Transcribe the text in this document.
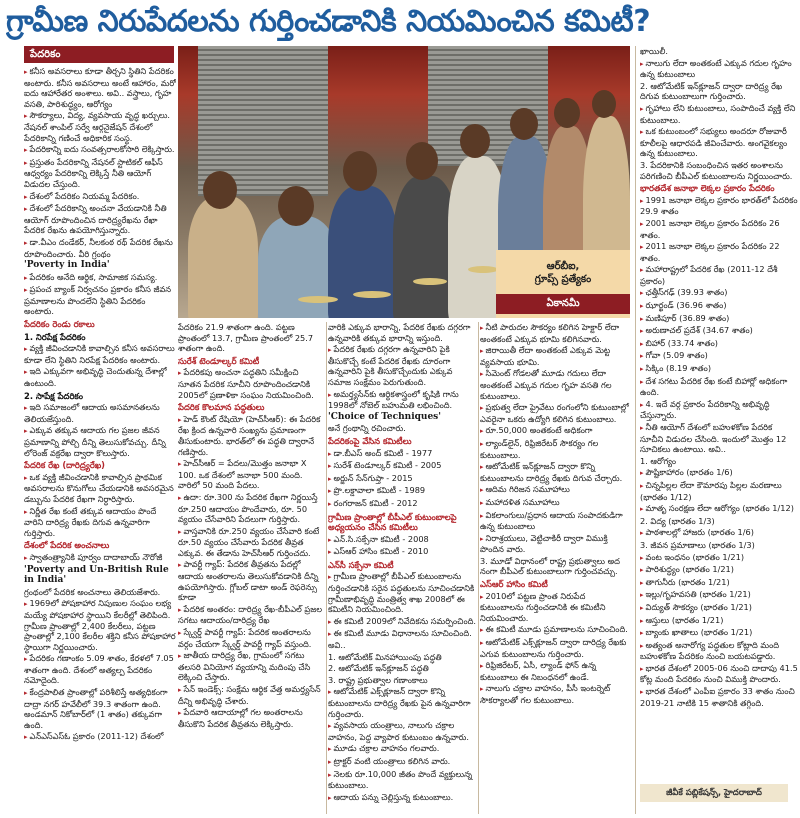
గ్రామీణ నిరుపేదలను గుర్తించడానికి నియమించిన కమిటీ?
పేదరికం

▸ కనీస అవసరాలు కూడా తీర్చని స్థితిని పేదరికం అంటారు. కనీస అవసరాలు అంటే ఆహారం, మరో ఐదు ఆహారేతర అంశాలు. అవి.. వస్త్రాలు, గృహ వసతి, పారిశుద్ధ్యం, ఆరోగ్యం

▸ సౌకర్యాలు, విద్య, వ్యవసాయ వృద్ధ ఖర్చులు. నేషనల్ శాంపిల్ సర్వే ఆర్గనైజేషన్ దేశంలో పేదరికాన్ని గణించే అధికారిక సంస్థ.

▸ పేదరికాన్ని ఐదు సంవత్సరాలకోసారి లెక్కిస్తారు.

▸ ప్రస్తుతం పేదరికాన్ని నేషనల్ స్టాటికల్ ఆఫీస్ ఆధ్వర్యం పేదరికాన్ని లెక్కిస్తే నీతి ఆయోగ్ విడుదల చేస్తుంది.

▸ దేశంలో పేదరికం నియమ్మ పేదరికం.

▸ దేశంలో పేదరికాన్ని అంచనా వేయడానికి నీతి ఆయోగ్ రూపొందించిన దారిద్ర్యరేఖను రేఖా పేదరిక రేఖను ఉపయోగిస్తున్నారు.

▸ డా.వీఎం దండేకర్, నీలకంఠ రథ్ పేదరిక రేఖను రూపొందించారు. వీరి గ్రంథం

'Poverty in India'

▸ పేదరికం అనేది ఆర్థిక, సామాజిక సమస్య.

▸ ప్రపంచ బ్యాంక్ నిర్వచనం ప్రకారం కనీస జీవన ప్రమాణాలను పొందలేని స్థితిని పేదరికం అంటారు.

పేదరికం రెండు రకాలు

1. నిరపేక్ష పేదరికం

▸ వ్యక్తి జీవించడానికి కావాల్సిన కనీస అవసరాలు కూడా లేని స్థితిని నిరపేక్ష పేదరికం అంటారు.

▸ ఇది ఎక్కువగా అభివృద్ధి చెందుతున్న దేశాల్లో ఉంటుంది.

2. సాపేక్ష పేదరికం

▸ ఇది సమాజంలో ఆదాయ అసమానతలను తెలియజేస్తుంది.

▸ ఎక్కువ తక్కువ ఆదాయ గల ప్రజల జీవన ప్రమాణాన్ని పోల్చి దీన్ని తెలుసుకోవచ్చు. దీన్ని లోరెంజ్ వక్రరేఖ ద్వారా కొలుస్తారు.

పేదరిక రేఖ (దారిద్ర్యరేఖ)

▸ ఒక వ్యక్తి జీవించడానికి కావాల్సిన ప్రాథమిక అవసరాలను కొనుగోలు చేయడానికి అవసరమైన డబ్బును పేదరిక రేఖగా నిర్ధారిస్తారు.

▸ నిర్ణీత రేఖ కంటే తక్కువ ఆదాయం పొందే వారిని దారిద్ర్య రేఖకు దిగువ ఉన్నవారిగా గుర్తిస్తారు.

దేశంలో పేదరిక అంచనాలు

▸ స్వాతంత్ర్యానికి పూర్వం దాదాబాయ్ నౌరోజీ

'Poverty and Un-British Rule in India'

గ్రంథంలో పేదరిక అంచనాలు తెలియజేశారు.

▸ 1969లో పోషకాహార నిపుణుల సంఘం లభ్య మయ్యే పోషకాహార స్థాయిని కేలరీల్లో తెలిపింది. గ్రామీణ ప్రాంతాల్లో 2,400 కేలరీలు, పట్టణ ప్రాంతాల్లో 2,100 కేలరీల శక్తిని కనీస పోషకాహార స్థాయిగా నిర్ణయించారు.

▸ పేదరికం గణాంకం 5.09 శాతం, కేరళలో 7.05 శాతంగా ఉంది. దేశంలో అత్యల్ప పేదరికం నమోదైంది.

▸ కేంద్రపాలిత ప్రాంతాల్లో పరిశీలిస్తే అత్యధికంగా దాద్రా నగర్ హవేలీలో 39.3 శాతంగా ఉంది. అండమాన్ నికోబార్‌లో (1 శాతం) తక్కువగా ఉంది.

▸ ఎన్ఎస్ఎస్ఓ ప్రకారం (2011-12) దేశంలో

ఆర్‌బీఐ,
గ్రూప్స్ ప్రత్యేకం
ఏకానమీ

పేదరికం 21.9 శాతంగా ఉంది. పట్టణ ప్రాంతంలో 13.7, గ్రామీణ ప్రాంతంలో 25.7 శాతంగా ఉంది.

సురేశ్ టెండూల్కర్ కమిటీ

▸ పేదరికపు అంచనా పద్ధతిని సమీక్షించి సూతన పేదరిక సూచీని రూపొందించడానికి 2005లో ప్రణాళికా సంఘం నియమించింది.

పేదరిక కొలమాన పద్ధతులు

▸ హెడ్ కౌంట్ రేషియో (హెచ్‌సీఆర్): ఈ పేదరిక రేఖ క్రింద ఉన్నవారి సంఖ్యను ప్రమాణంగా తీసుకుంటారు. భారత్‌లో ఈ పద్ధతి ద్వారానే గణిస్తారు.

▸ హెచ్‌సీఆర్ = పేదలు/మొత్తం జనాభా X 100. ఒక దేశంలో జనాభా 500 మంది. వారిలో 50 మంది పేదలు.

▸ ఉదా: రూ.300 ను పేదరిక రేఖగా నిర్ణయిస్తే రూ.250 ఆదాయం పొందేవారు, రూ. 50 వ్యయం చేసేవారిని పేదలుగా గుర్తిస్తారు.

▸ వాస్తవానికి రూ.250 వ్యయం చేసేవారి కంటే రూ.50 వ్యయం చేసేవారు పేదరిక తీవ్రత ఎక్కువ. ఈ తేడాను హెచ్‌సీఆర్ గుర్తించదు.

▸ పావర్టీ గ్యాప్: పేదరిక తీవ్రతను పేదల్లో ఆదాయ అంతరాలను తెలుసుకోవడానికి దీన్ని ఉపయోగిస్తారు. గ్లోబల్ డాటా అండ్ రెఫరెన్సు కూడా

▸ పేదరిక అంతరం: దారిద్ర్య రేఖ-బీపీఎల్ ప్రజల సగటు ఆదాయం/దారిద్ర్య రేఖ

▸ స్క్వేర్డ్ పావర్టీ గ్యాప్: పేదరిక అంతరాలను వర్గం చేయగా స్క్వేర్డ్ పావర్టీ గ్యాప్ వస్తుంది.

▸ జాతీయ దారిద్ర్య రేఖ, గ్రామంలో సగటు తలసరి వినియోగ వ్యయాన్ని మదింపు చేసి లెక్కించి చేస్తారు.

▸ సేన్ ఇండెక్స్: సంక్షేమ ఆర్థిక వేత్త అమర్త్యసేన్ దీన్ని అభివృద్ధి చేశారు.

▸ పేదవారి ఆదాయాల్లో గల అంతరాలను తీసుకొని పేదరిక తీవ్రతను లెక్కిస్తారు.

వారికి ఎక్కువ భారాన్ని, పేదరిక రేఖకు దగ్గరగా ఉన్నవారికి తక్కువ భారాన్ని ఇస్తుంది.

▸ పేదరిక రేఖకు దగ్గరగా ఉన్నవారిని పైకి తీసుకొచ్చే కంటే పేదరిక రేఖకు దూరంగా ఉన్నవారిని పైకి తీసుకొచ్చేందుకు ఎక్కువ సమాజ సంక్షేమం పెరుగుతుంది.

▸ అమర్త్యసేన్‌కు ఆర్థికశాస్త్రంలో కృషికి గాను 1998లో నోబెల్ బహుమతి లభించింది.

'Choice of Techniques'

అనే గ్రంథాన్ని రచించారు.

పేదరికంపై వేసిన కమిటీలు

▸ డా.బీఎస్ అంద్ కమిటీ - 1977

▸ సురేశ్ టెండూల్కర్ కమిటీ - 2005

▸ అర్జున్ సేన్‌గుప్తా - 2015

▸ ప్రొ.లక్డావాలా కమిటీ - 1989

▸ రంగరాజన్ కమిటీ - 2012

గ్రామీణ ప్రాంతాల్లో బీపీఎల్ కుటుంబాలపై అధ్యయనం చేసిన కమిటీలు

▸ ఎన్.సి.సక్సేనా కమిటీ - 2008

▸ ఎస్‌ఆర్ హాసిం కమిటీ - 2010

ఎన్‌సీ సక్సేనా కమిటీ

▸ గ్రామీణ ప్రాంతాల్లో బీపీఎల్ కుటుంబాలను గుర్తించడానికి సరైన పద్ధతులను సూచించడానికి గ్రామీణాభివృద్ధి మంత్రిత్వ శాఖ 2008లో ఈ కమిటీని నియమించింది.

▸ ఈ కమిటీ 2009లో నివేదికను సమర్పించింది.

▸ ఈ కమిటీ మూడు విధానాలను సూచించింది. అవి..

1. ఆటోమేటిక్ మినహాయింపు పద్ధతి

2. ఆటోమేటిక్ ఇన్‌క్లూజన్ పద్ధతి

3. రాష్ట్ర ప్రభుత్వాల గణాంకాలు

▸ ఆటోమేటిక్ ఎక్స్‌క్లూజన్ ద్వారా కొన్ని కుటుంబాలను దారిద్ర్య రేఖకు పైన ఉన్నవారిగా గుర్తించారు.

▸ వ్యవసాయ యంత్రాలు, నాలుగు చక్రాల వాహనం, పెద్ద వ్యాపార కుటుంబం ఉన్నవారు.

▸ మూడు చక్రాల వాహనం గలవారు.

▸ ట్రాక్టర్ వంటి యంత్రాలు కలిగిన వారు.

▸ నెలకు రూ.10,000 జీతం పొందే వ్యక్తులున్న కుటుంబాలు.

▸ ఆదాయ పన్ను చెల్లిస్తున్న కుటుంబాలు.

▸ నీటి పారుదల సౌకర్యం కలిగిన హెక్టార్ లేదా అంతకంటే ఎక్కువ భూమి కలిగినవారు.

▸ జిరాయితీ లేదా అంతకంటే ఎక్కువ మెట్ట వ్యవసాయ భూమి.

▸ సిమెంట్ గోడలతో మూడు గదులు లేదా అంతకంటే ఎక్కువ గదుల గృహ వసతి గల కుటుంబాలు.

▸ ప్రభుత్వ లేదా ప్రైవేటు రంగంలోని కుటుంబాల్లో ఎవరైనా ఒకరు ఉద్యోగి కలిగిన కుటుంబాలు.

▸ రూ.50,000 అంతకంటే అధికంగా

▸ ల్యాండ్‌లైన్, రిఫ్రిజిరేటర్ సౌకర్యం గల కుటుంబాలు.

▸ ఆటోమేటిక్ ఇన్‌క్లూజన్ ద్వారా కొన్ని కుటుంబాలను దారిద్ర్య రేఖకు దిగువ చేర్చారు.

▸ ఆదిమ గిరిజన సమూహాలు

▸ మహాదళిత సమూహాలు

▸ వికలాంగులు/ప్రధాన ఆదాయ సంపాదకుడిగా ఉన్న కుటుంబాలు

▸ నిరాశ్రయులు, వెట్టిచాకిరీ ద్వారా విముక్తి పొందిన వారు.

3. మూడో విధానంలో రాష్ట్ర ప్రభుత్వాలు అద నంగా బీపీఎల్ కుటుంబాలుగా గుర్తించవచ్చు.

ఎస్‌ఆర్ హాసిం కమిటీ

▸ 2010లో పట్టణ ప్రాంత నిరుపేద కుటుంబాలను గుర్తించడానికి ఈ కమిటీని నియమించారు.

▸ ఈ కమిటీ మూడు ప్రమాణాలను సూచించింది.

▸ ఆటోమేటిక్ ఎక్స్‌క్లూజన్ ద్వారా దారిద్ర్య రేఖకు ఎగువ కుటుంబాలను గుర్తించారు.

▸ రిఫ్రిజిరేటర్, ఏసీ, ల్యాండ్ ఫోన్ ఉన్న కుటుంబాలు ఈ నిబంధనలో ఉండే.

▸ నాలుగు చక్రాల వాహనం, పీసీ ఇంటర్నెట్ సౌకర్యాలతో గల కుటుంబాలు.

ఖాయిలీ.

▸ నాలుగు లేదా అంతకంటే ఎక్కువ గదుల గృహం ఉన్న కుటుంబాలు

2. ఆటోమేటిక్ ఇన్‌క్లూజన్ ద్వారా దారిద్ర్య రేఖ దిగువ కుటుంబాలుగా గుర్తించారు.

▸ గృహాలు లేని కుటుంబాలు, సంపాదించే వ్యక్తి లేని కుటుంబాలు.

▸ ఒక కుటుంబంలో సభ్యులు అందరూ రోజువారీ కూలీలపై ఆధారపడి జీవించేవారు. అంగవైకల్యం ఉన్న కుటుంబాలు.

3. పేదరికానికి సంబంధించిన ఇతర అంశాలను పరిగణించి బీపీఎల్ కుటుంబాలను నిర్ణయించారు.

భారతదేశ జనాభా లెక్కల ప్రకారం పేదరికం

▸ 1991 జనాభా లెక్కల ప్రకారం భారత్‌లో పేదరికం 29.9 శాతం

▸ 2001 జనాభా లెక్కల ప్రకారం పేదరికం 26 శాతం.

▸ 2011 జనాభా లెక్కల ప్రకారం పేదరికం 22 శాతం.

▸ మహారాష్ట్రలో పేదరిక రేఖ (2011-12 దేశీ ప్రకారం)

▸ ఛత్తీస్‌గఢ్ (39.93 శాతం)

▸ ఝార్ఖండ్ (36.96 శాతం)

▸ మణిపూర్ (36.89 శాతం)

▸ అరుణాచల్ ప్రదేశ్ (34.67 శాతం)

▸ బిహార్ (33.74 శాతం)

▸ గోవా (5.09 శాతం)

▸ సిక్కిం (8.19 శాతం)

▸ దేశ సగటు పేదరిక రేఖ కంటే బిహార్లో అధికంగా ఉంది.

▸ 4. ఇదే వర్గ ప్రకారం పేదరికాన్ని అభివృద్ధి చేస్తున్నారు.

▸ నీతి ఆయోగ్ దేశంలో బహుళకోణ పేదరిక సూచీని విడుదల చేసింది. ఇందులో మొత్తం 12 సూచికలు ఉంటాయి. అవి..

1. ఆరోగ్యం

▸ పౌష్టికాహారం (భారతం 1/6)

▸ చిన్నపిల్లల లేదా కౌమారపు పిల్లల మరణాలు (భారతం 1/12)

▸ మాతృ సంరక్షణ లేదా ఆరోగ్యం (భారతం 1/12)

2. విద్య (భారతం 1/3)

▸ పాఠశాలల్లో హాజరు (భారతం 1/6)

3. జీవన ప్రమాణాలు (భారతం 1/3)

▸ వంట ఇంధనం (భారతం 1/21)

▸ పారిశుద్ధ్యం (భారతం 1/21)

▸ తాగునీరు (భారతం 1/21)

▸ ఇల్లు/గృహవసతి (భారతం 1/21)

▸ విద్యుత్ సౌకర్యం (భారతం 1/21)

▸ ఆస్తులు (భారతం 1/21)

▸ బ్యాంకు ఖాతాలు (భారతం 1/21)

▸ అత్యంత అనారోగ్య పద్ధతుల కోట్లాది మంది బహుళకోణ పేదరికం నుంచి బయటపడ్డారు.

▸ భారత దేశంలో 2005-06 నుంచి దాదాపు 41.5 కోట్ల మంది పేదరికం నుంచి విముక్తి పొందారు.

▸ భారత దేశంలో ఎంపీఐ ప్రకారం 33 శాతం నుంచి 2019-21 నాటికి 15 శాతానికి తగ్గింది.

జీవీకే పబ్లికేషన్స్, హైదరాబాద్
